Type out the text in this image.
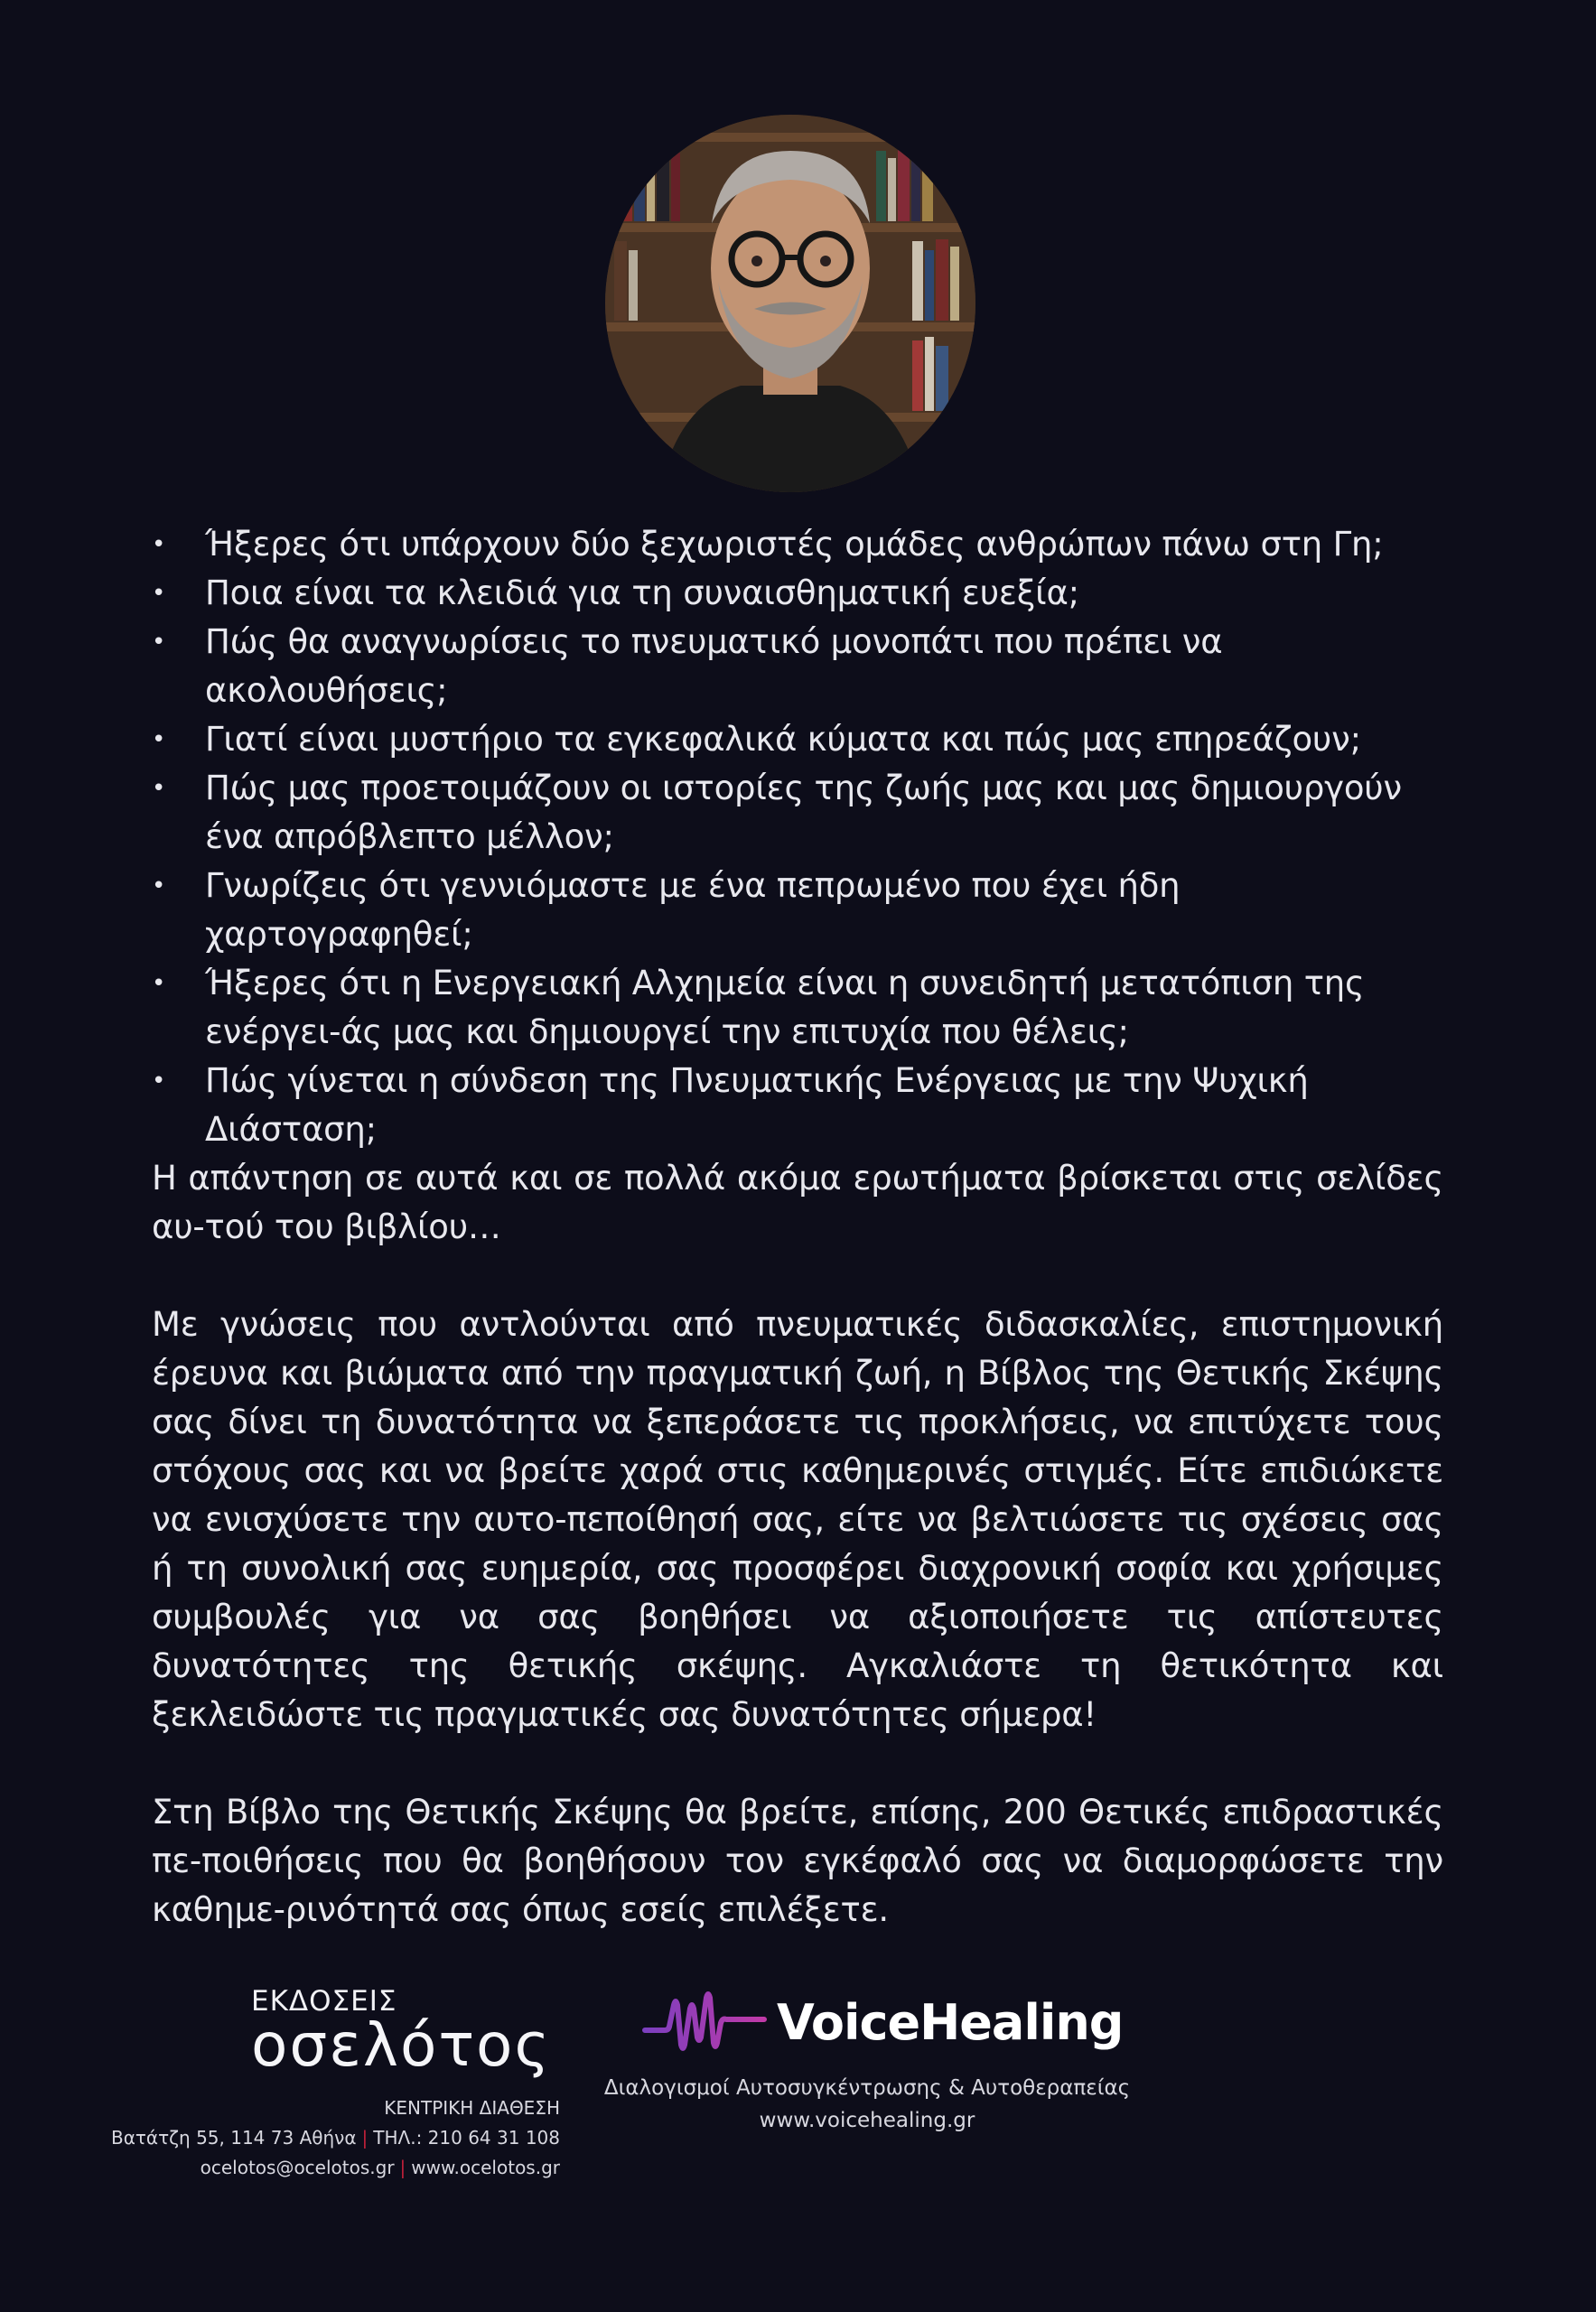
• Ήξερες ότι υπάρχουν δύο ξεχωριστές ομάδες ανθρώπων πάνω στη Γη;
• Ποια είναι τα κλειδιά για τη συναισθηματική ευεξία;
• Πώς θα αναγνωρίσεις το πνευματικό μονοπάτι που πρέπει να ακολουθήσεις;
• Γιατί είναι μυστήριο τα εγκεφαλικά κύματα και πώς μας επηρεάζουν;
• Πώς μας προετοιμάζουν οι ιστορίες της ζωής μας και μας δημιουργούν ένα απρόβλεπτο μέλλον;
• Γνωρίζεις ότι γεννιόμαστε με ένα πεπρωμένο που έχει ήδη χαρτογραφηθεί;
• Ήξερες ότι η Ενεργειακή Αλχημεία είναι η συνειδητή μετατόπιση της ενέργει-άς μας και δημιουργεί την επιτυχία που θέλεις;
• Πώς γίνεται η σύνδεση της Πνευματικής Ενέργειας με την Ψυχική Διάσταση;

Η απάντηση σε αυτά και σε πολλά ακόμα ερωτήματα βρίσκεται στις σελίδες αυ-τού του βιβλίου…

Με γνώσεις που αντλούνται από πνευματικές διδασκαλίες, επιστημονική έρευνα και βιώματα από την πραγματική ζωή, η Βίβλος της Θετικής Σκέψης σας δίνει τη δυνατότητα να ξεπεράσετε τις προκλήσεις, να επιτύχετε τους στόχους σας και να βρείτε χαρά στις καθημερινές στιγμές. Είτε επιδιώκετε να ενισχύσετε την αυτο-πεποίθησή σας, είτε να βελτιώσετε τις σχέσεις σας ή τη συνολική σας ευημερία, σας προσφέρει διαχρονική σοφία και χρήσιμες συμβουλές για να σας βοηθήσει να αξιοποιήσετε τις απίστευτες δυνατότητες της θετικής σκέψης. Αγκαλιάστε τη θετικότητα και ξεκλειδώστε τις πραγματικές σας δυνατότητες σήμερα!

Στη Βίβλο της Θετικής Σκέψης θα βρείτε, επίσης, 200 Θετικές επιδραστικές πε-ποιθήσεις που θα βοηθήσουν τον εγκέφαλό σας να διαμορφώσετε την καθημε-ρινότητά σας όπως εσείς επιλέξετε.

ΕΚΔΟΣΕΙΣ
οσελότος
ΚΕΝΤΡΙΚΗ ΔΙΑΘΕΣΗ
Βατάτζη 55, 114 73 Αθήνα | ΤΗΛ.: 210 64 31 108
ocelotos@ocelotos.gr | www.ocelotos.gr
VoiceHealing
Διαλογισμοί Αυτοσυγκέντρωσης & Αυτοθεραπείας
www.voicehealing.gr
